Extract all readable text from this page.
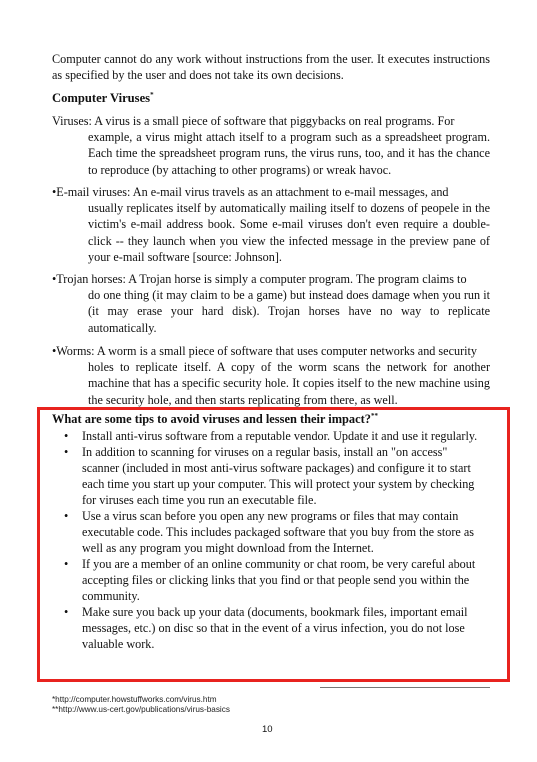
Computer cannot do any work without instructions from the user. It executes instructions as specified by the user and does not take its own decisions.
Computer Viruses*
Viruses: A virus is a small piece of software that piggybacks on real programs. For
example, a virus might attach itself to a program such as a spreadsheet program. Each time the spreadsheet program runs, the virus runs, too, and it has the chance to reproduce (by attaching to other programs) or wreak havoc.
•E-mail viruses: An e-mail virus travels as an attachment to e-mail messages, and
usually replicates itself by automatically mailing itself to dozens of peopele in the victim's e-mail address book. Some e-mail viruses don't even require a double-click -- they launch when you view the infected message in the preview pane of your e-mail software [source: Johnson].
•Trojan horses: A Trojan horse is simply a computer program. The program claims to
do one thing (it may claim to be a game) but instead does damage when you run it (it may erase your hard disk). Trojan horses have no way to replicate automatically.
•Worms: A worm is a small piece of software that uses computer networks and security
holes to replicate itself. A copy of the worm scans the network for another machine that has a specific security hole. It copies itself to the new machine using the security hole, and then starts replicating from there, as well.
What are some tips to avoid viruses and lessen their impact?**
• Install anti-virus software from a reputable vendor. Update it and use it regularly.
• In addition to scanning for viruses on a regular basis, install an "on access" scanner (included in most anti-virus software packages) and configure it to start each time you start up your computer. This will protect your system by checking for viruses each time you run an executable file.
• Use a virus scan before you open any new programs or files that may contain executable code. This includes packaged software that you buy from the store as well as any program you might download from the Internet.
• If you are a member of an online community or chat room, be very careful about accepting files or clicking links that you find or that people send you within the community.
• Make sure you back up your data (documents, bookmark files, important email messages, etc.) on disc so that in the event of a virus infection, you do not lose valuable work.
*http://computer.howstuffworks.com/virus.htm
**http://www.us-cert.gov/publications/virus-basics
10
